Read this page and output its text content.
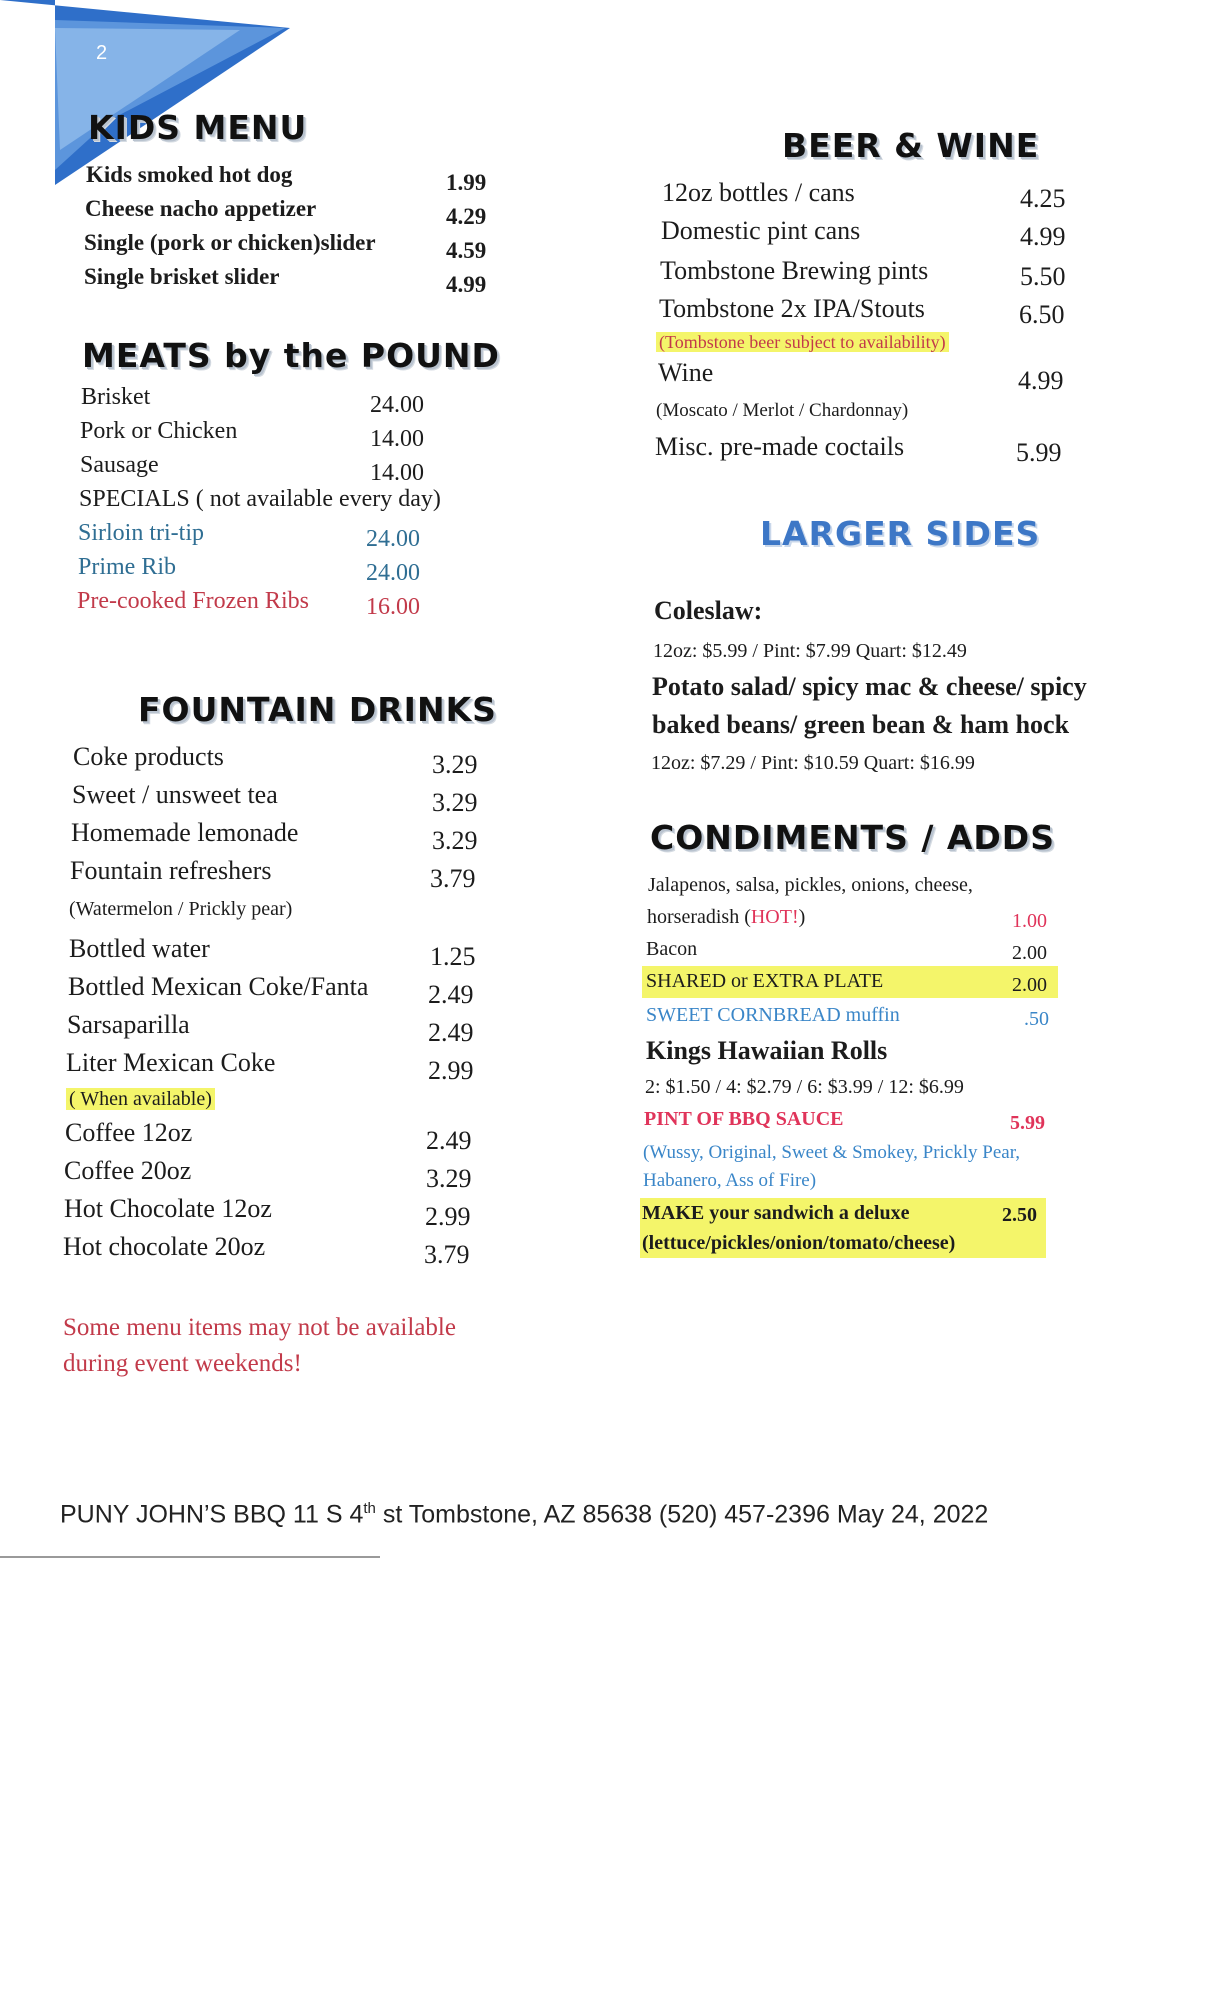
2
KIDS MENU
Kids smoked hot dog	1.99
Cheese nacho appetizer	4.29
Single (pork or chicken)slider	4.59
Single brisket slider	4.99
MEATS by the POUND
Brisket	24.00
Pork or Chicken	14.00
Sausage	14.00
SPECIALS ( not available every day)
Sirloin tri-tip	24.00
Prime Rib	24.00
Pre-cooked Frozen Ribs 16.00
FOUNTAIN DRINKS
Coke products	3.29
Sweet / unsweet tea	3.29
Homemade lemonade	3.29
Fountain refreshers	3.79
(Watermelon / Prickly pear)
Bottled water	1.25
Bottled Mexican Coke/Fanta 2.49
Sarsaparilla	2.49
Liter Mexican Coke	2.99
( When available)
Coffee 12oz	2.49
Coffee 20oz	3.29
Hot Chocolate 12oz	2.99
Hot chocolate 20oz	3.79
Some menu items may not be available
during event weekends!
BEER & WINE
12oz bottles / cans	4.25
Domestic pint cans	4.99
Tombstone Brewing pints	5.50
Tombstone 2x IPA/Stouts	6.50
(Tombstone beer subject to availability)
Wine	4.99
(Moscato / Merlot / Chardonnay)
Misc. pre-made coctails	5.99
LARGER SIDES
Coleslaw:
12oz: $5.99 / Pint: $7.99 Quart: $12.49
Potato salad/ spicy mac & cheese/ spicy
baked beans/ green bean & ham hock
12oz: $7.29 / Pint: $10.59 Quart: $16.99
CONDIMENTS / ADDS
Jalapenos, salsa, pickles, onions, cheese,
horseradish (HOT!)	1.00
Bacon	2.00
SHARED or EXTRA PLATE	2.00
SWEET CORNBREAD muffin	.50
Kings Hawaiian Rolls
2: $1.50 / 4: $2.79 / 6: $3.99 / 12: $6.99
PINT OF BBQ SAUCE	5.99
(Wussy, Original, Sweet & Smokey, Prickly Pear,
Habanero, Ass of Fire)
MAKE your sandwich a deluxe	2.50
(lettuce/pickles/onion/tomato/cheese)
PUNY JOHN’S BBQ 11 S 4th st Tombstone, AZ 85638 (520) 457-2396 May 24, 2022
